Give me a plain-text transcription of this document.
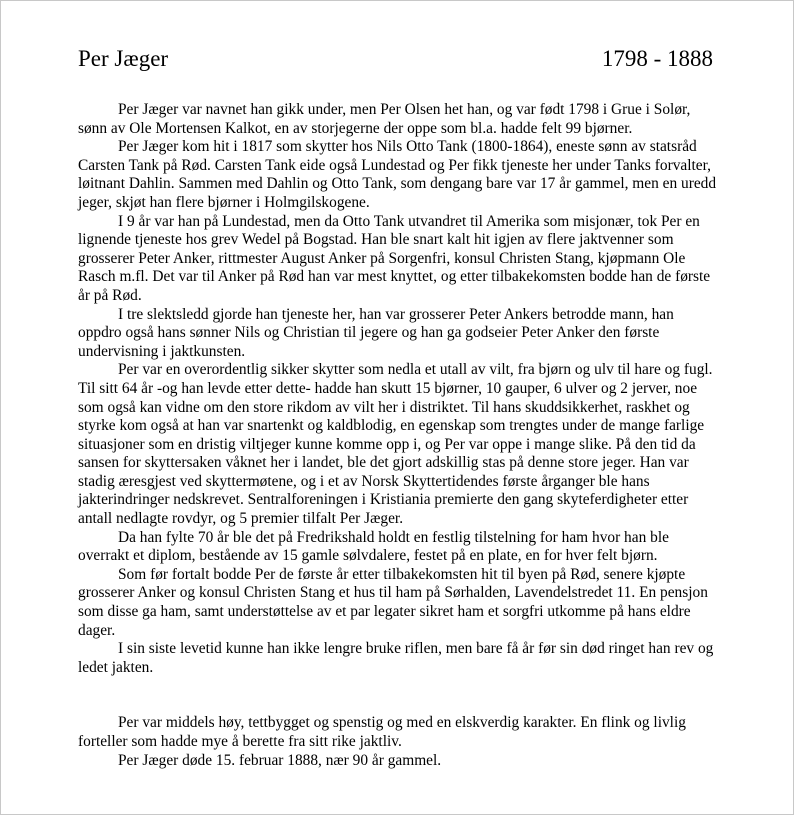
Per Jæger	1798 - 1888

Per Jæger var navnet han gikk under, men Per Olsen het han, og var født 1798 i Grue i Solør, sønn av Ole Mortensen Kalkot, en av storjegerne der oppe som bl.a. hadde felt 99 bjørner.

Per Jæger kom hit i 1817 som skytter hos Nils Otto Tank (1800-1864), eneste sønn av statsråd Carsten Tank på Rød. Carsten Tank eide også Lundestad og Per fikk tjeneste her under Tanks forvalter, løitnant Dahlin. Sammen med Dahlin og Otto Tank, som dengang bare var 17 år gammel, men en uredd jeger, skjøt han flere bjørner i Holmgilskogene.

I 9 år var han på Lundestad, men da Otto Tank utvandret til Amerika som misjonær, tok Per en lignende tjeneste hos grev Wedel på Bogstad. Han ble snart kalt hit igjen av flere jaktvenner som grosserer Peter Anker, rittmester August Anker på Sorgenfri, konsul Christen Stang, kjøpmann Ole Rasch m.fl. Det var til Anker på Rød han var mest knyttet, og etter tilbakekomsten bodde han de første år på Rød.

I tre slektsledd gjorde han tjeneste her, han var grosserer Peter Ankers betrodde mann, han oppdro også hans sønner Nils og Christian til jegere og han ga godseier Peter Anker den første undervisning i jaktkunsten.

Per var en overordentlig sikker skytter som nedla et utall av vilt, fra bjørn og ulv til hare og fugl. Til sitt 64 år -og han levde etter dette- hadde han skutt 15 bjørner, 10 gauper, 6 ulver og 2 jerver, noe som også kan vidne om den store rikdom av vilt her i distriktet. Til hans skuddsikkerhet, raskhet og styrke kom også at han var snartenkt og kaldblodig, en egenskap som trengtes under de mange farlige situasjoner som en dristig viltjeger kunne komme opp i, og Per var oppe i mange slike. På den tid da sansen for skyttersaken våknet her i landet, ble det gjort adskillig stas på denne store jeger. Han var stadig æresgjest ved skyttermøtene, og i et av Norsk Skyttertidendes første årganger ble hans jakterindringer nedskrevet. Sentralforeningen i Kristiania premierte den gang skyteferdigheter etter antall nedlagte rovdyr, og 5 premier tilfalt Per Jæger.

Da han fylte 70 år ble det på Fredrikshald holdt en festlig tilstelning for ham hvor han ble overrakt et diplom, bestående av 15 gamle sølvdalere, festet på en plate, en for hver felt bjørn.

Som før fortalt bodde Per de første år etter tilbakekomsten hit til byen på Rød, senere kjøpte grosserer Anker og konsul Christen Stang et hus til ham på Sørhalden, Lavendelstredet 11. En pensjon som disse ga ham, samt understøttelse av et par legater sikret ham et sorgfri utkomme på hans eldre dager.

I sin siste levetid kunne han ikke lengre bruke riflen, men bare få år før sin død ringet han rev og ledet jakten.

Per var middels høy, tettbygget og spenstig og med en elskverdig karakter. En flink og livlig forteller som hadde mye å berette fra sitt rike jaktliv.

Per Jæger døde 15. februar 1888, nær 90 år gammel.
